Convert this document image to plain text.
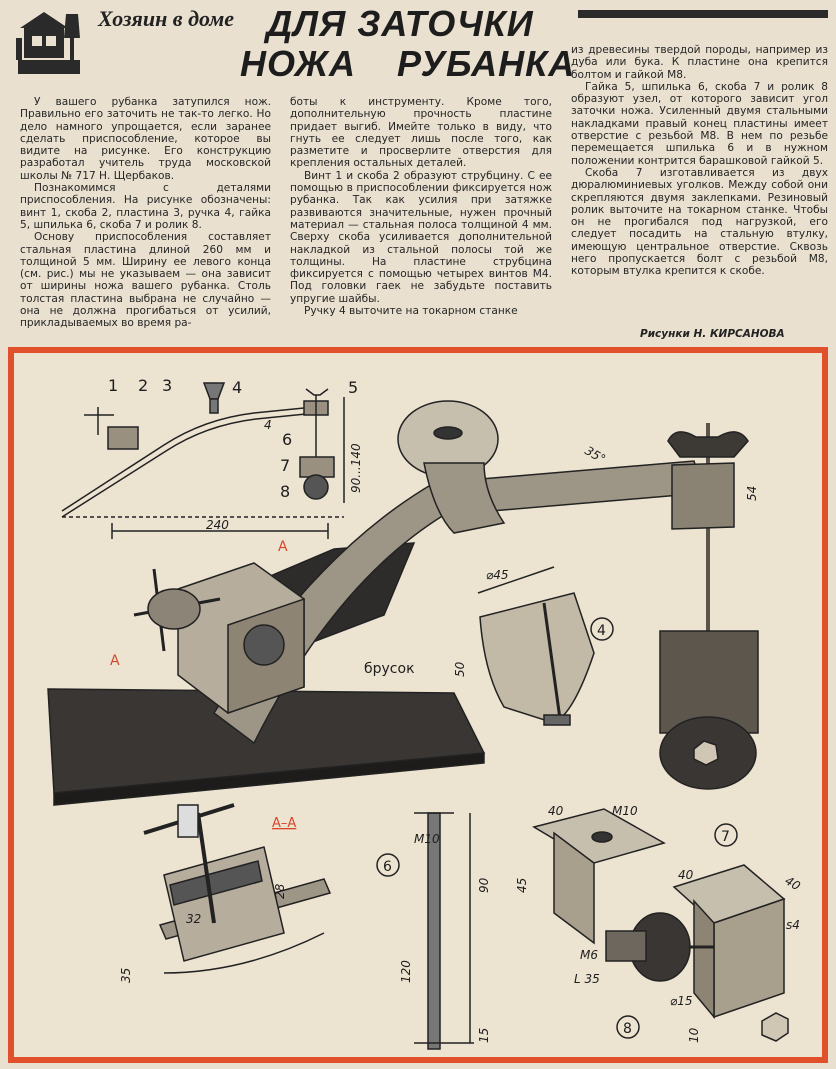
Хозяин в доме ДЛЯ ЗАТОЧКИ
НОЖА РУБАНКА

У вашего рубанка затупился нож. Правильно его заточить не так-то легко. Но дело намного упрощается, если заранее сделать приспособление, которое вы видите на рисунке. Его конструкцию разработал учитель труда московской школы № 717 Н. Щербаков.

Познакомимся с деталями приспособления. На рисунке обозначены: винт 1, скоба 2, пластина 3, ручка 4, гайка 5, шпилька 6, скоба 7 и ролик 8.

Основу приспособления составляет стальная пластина длиной 260 мм и толщиной 5 мм. Ширину ее левого конца (см. рис.) мы не указываем — она зависит от ширины ножа вашего рубанка. Столь толстая пластина выбрана не случайно — она не должна прогибаться от усилий, прикладываемых во время ра-

боты к инструменту. Кроме того, дополнительную прочность пластине придает выгиб. Имейте только в виду, что гнуть ее следует лишь после того, как разметите и просверлите отверстия для крепления остальных деталей.

Винт 1 и скоба 2 образуют струбцину. С ее помощью в приспособлении фиксируется нож рубанка. Так как усилия при затяжке развиваются значительные, нужен прочный материал — стальная полоса толщиной 4 мм. Сверху скоба усиливается дополнительной накладкой из стальной полосы той же толщины. На пластине струбцина фиксируется с помощью четырех винтов М4. Под головки гаек не забудьте поставить упругие шайбы.

Ручку 4 выточите на токарном станке

из древесины твердой породы, например из дуба или бука. К пластине она крепится болтом и гайкой М8.

Гайка 5, шпилька 6, скоба 7 и ролик 8 образуют узел, от которого зависит угол заточки ножа. Усиленный двумя стальными накладками правый конец пластины имеет отверстие с резьбой М8. В нем по резьбе перемещается шпилька 6 и в нужном положении контрится барашковой гайкой 5.

Скоба 7 изготавливается из двух дюралюминиевых уголков. Между собой они скрепляются двумя заклепками. Резиновый ролик выточите на токарном станке. Чтобы он не прогибался под нагрузкой, его следует посадить на стальную втулку, имеющую центральное отверстие. Сквозь него пропускается болт с резьбой М8, которым втулка крепится к скобе.

Рисунки Н. КИРСАНОВА
1 2 3	4	5
6
7
8
4
90...140
240
35°
54
А
А	брусок
⌀45
50
4
А–А
32
28
35
6
M10
90
120
15
40	M10
45
40	40
s4
M6
L 35
⌀15
10
7
8
